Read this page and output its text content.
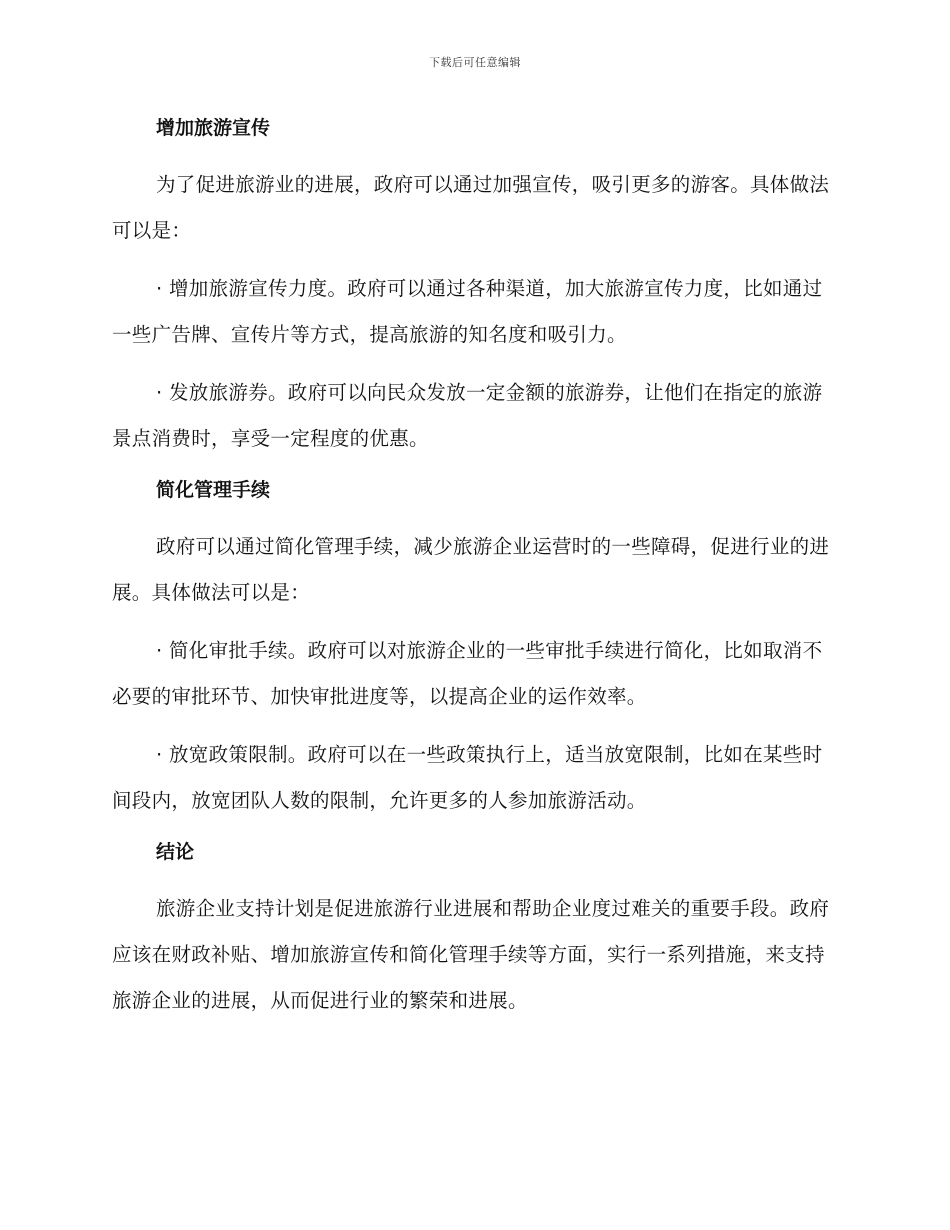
下载后可任意编辑
增加旅游宣传

为了促进旅游业的进展，政府可以通过加强宣传，吸引更多的游客。具体做法可以是：

· 增加旅游宣传力度。政府可以通过各种渠道，加大旅游宣传力度，比如通过一些广告牌、宣传片等方式，提高旅游的知名度和吸引力。

· 发放旅游券。政府可以向民众发放一定金额的旅游券，让他们在指定的旅游景点消费时，享受一定程度的优惠。

简化管理手续

政府可以通过简化管理手续，减少旅游企业运营时的一些障碍，促进行业的进展。具体做法可以是：

· 简化审批手续。政府可以对旅游企业的一些审批手续进行简化，比如取消不必要的审批环节、加快审批进度等，以提高企业的运作效率。

· 放宽政策限制。政府可以在一些政策执行上，适当放宽限制，比如在某些时间段内，放宽团队人数的限制，允许更多的人参加旅游活动。

结论

旅游企业支持计划是促进旅游行业进展和帮助企业度过难关的重要手段。政府应该在财政补贴、增加旅游宣传和简化管理手续等方面，实行一系列措施，来支持旅游企业的进展，从而促进行业的繁荣和进展。
